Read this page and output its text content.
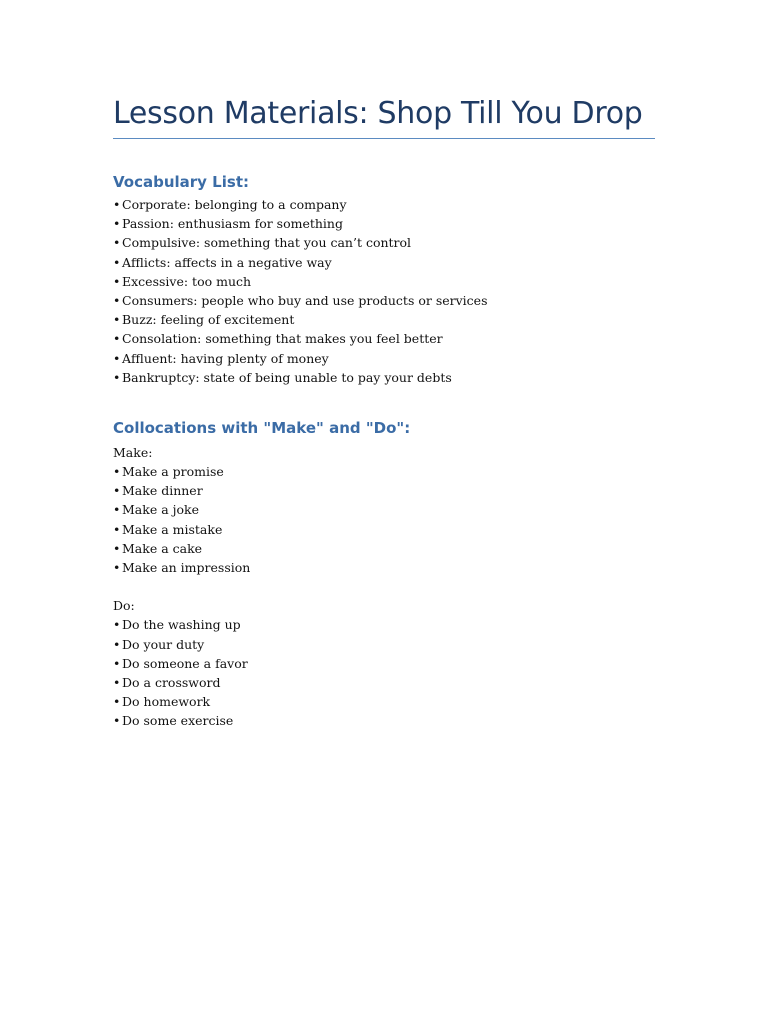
Lesson Materials: Shop Till You Drop
Vocabulary List:
• Corporate: belonging to a company
• Passion: enthusiasm for something
• Compulsive: something that you can’t control
• Afflicts: affects in a negative way
• Excessive: too much
• Consumers: people who buy and use products or services
• Buzz: feeling of excitement
• Consolation: something that makes you feel better
• Affluent: having plenty of money
• Bankruptcy: state of being unable to pay your debts
Collocations with "Make" and "Do":
Make:
• Make a promise
• Make dinner
• Make a joke
• Make a mistake
• Make a cake
• Make an impression
Do:
• Do the washing up
• Do your duty
• Do someone a favor
• Do a crossword
• Do homework
• Do some exercise
